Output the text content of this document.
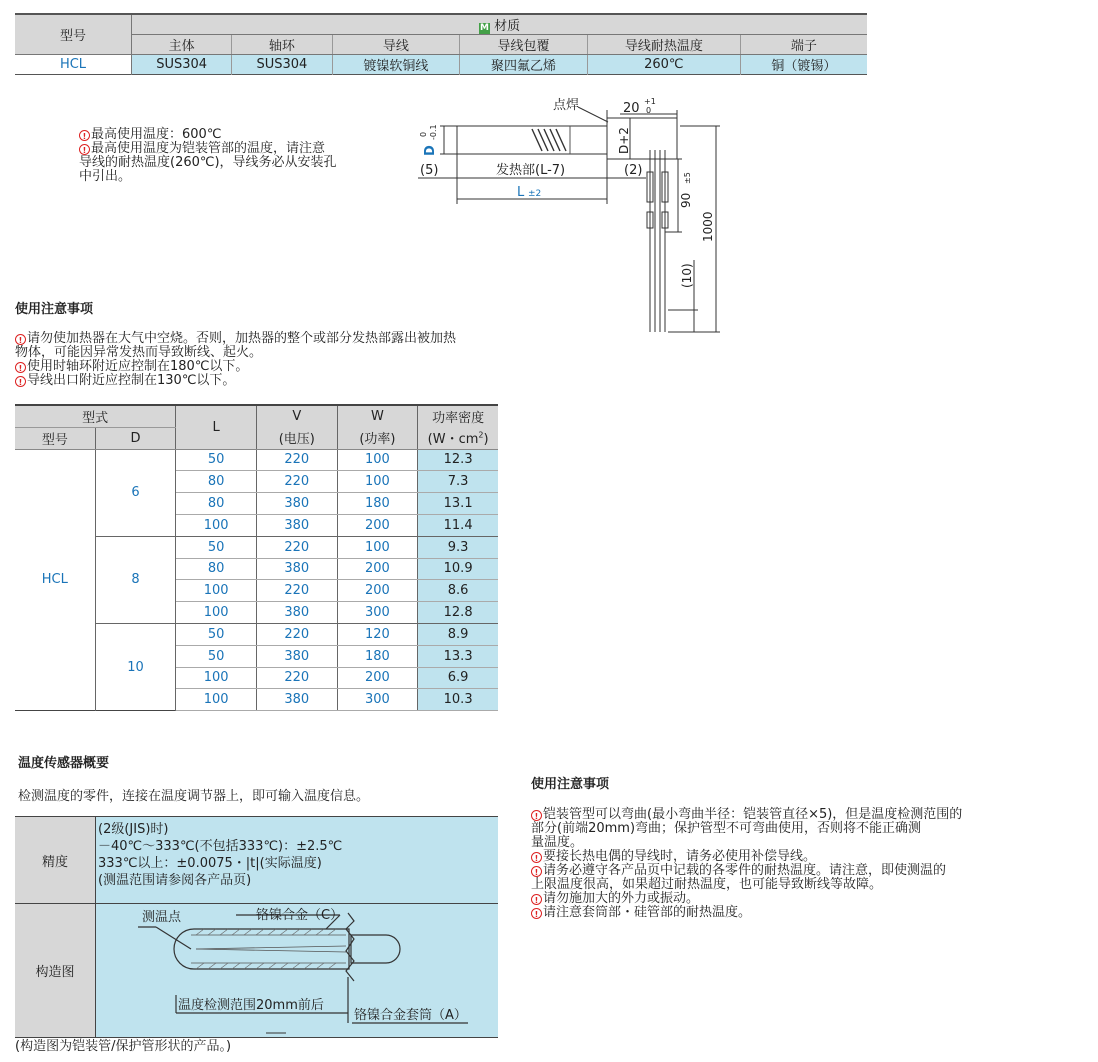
型号	M 材质					
	主体	轴环	导线	导线包覆	导线耐热温度	端子
HCL	SUS304	SUS304	镀镍软铜线	聚四氟乙烯	260℃	铜（镀锡）
! 最高使用温度：600℃
! 最高使用温度为铠装管部的温度，请注意
导线的耐热温度(260℃)，导线务必从安装孔
中引出。
点焊	20 +1
0
D
0 -0.1	D+2
(5)	发热部(L-7)	(2)
L ±2	90
±5
1000
(10)
使用注意事项
! 请勿使加热器在大气中空烧。否则，加热器的整个或部分发热部露出被加热
物体，可能因异常发热而导致断线、起火。
! 使用时轴环附近应控制在180℃以下。
! 导线出口附近应控制在130℃以下。
型式		L	V	W	功率密度
型号	D		(电压)	(功率)	(W・$cm^2$)
HCL	6	50	220	100	12.3
		80	220	100	7.3
		80	380	180	13.1
		100	380	200	11.4
	8	50	220	100	9.3
		80	380	200	10.9
		100	220	200	8.6
		100	380	300	12.8
	10	50	220	120	8.9
		50	380	180	13.3
		100	220	200	6.9
		100	380	300	10.3
温度传感器概要
检测温度的零件，连接在温度调节器上，即可输入温度信息。
精度	(2级(JIS)时)
－40℃～333℃(不包括333℃)：±2.5℃
333℃以上：±0.0075・|t|(实际温度)
(测温范围请参阅各产品页)

构造图	测温点 铬镍合金（C）
温度检测范围20mm前后
铬镍合金套筒（A）
(构造图为铠装管/保护管形状的产品。)
使用注意事项
! 铠装管型可以弯曲(最小弯曲半径：铠装管直径×5)，但是温度检测范围的
部分(前端20mm)弯曲；保护管型不可弯曲使用，否则将不能正确测
量温度。
! 要接长热电偶的导线时，请务必使用补偿导线。
! 请务必遵守各产品页中记载的各零件的耐热温度。请注意，即使测温的
上限温度很高，如果超过耐热温度，也可能导致断线等故障。
! 请勿施加大的外力或振动。
! 请注意套筒部・硅管部的耐热温度。
